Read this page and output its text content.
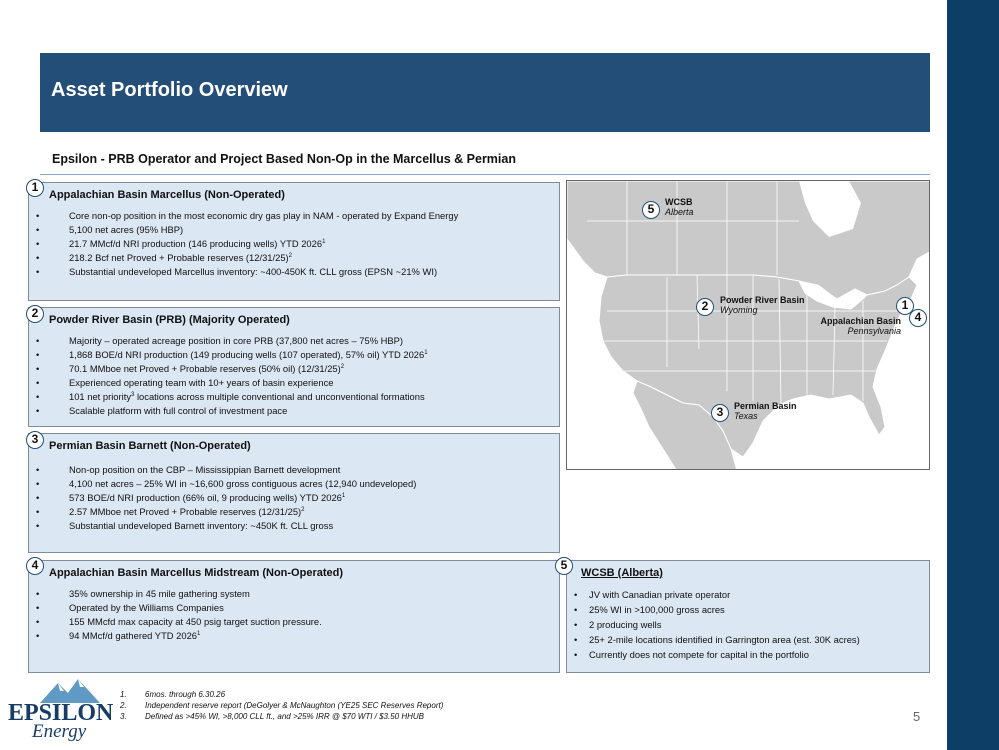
Asset Portfolio Overview
Epsilon - PRB Operator and Project Based Non-Op in the Marcellus & Permian
Appalachian Basin Marcellus (Non-Operated)
•	Core non-op position in the most economic dry gas play in NAM - operated by Expand Energy
•	5,100 net acres (95% HBP)
•	21.7 MMcf/d NRI production (146 producing wells) YTD 2026$^1$
•	218.2 Bcf net Proved + Probable reserves $(12/31/25)^2$
•	Substantial undeveloped Marcellus inventory: ~400-450K ft. CLL gross (EPSN ~21% WI)
1
Powder River Basin (PRB) (Majority Operated)
•	Majority – operated acreage position in core PRB (37,800 net acres – 75% HBP)
•	1,868 BOE/d NRI production (149 producing wells (107 operated), 57% oil) YTD 2026$^1$
•	70.1 MMboe net Proved + Probable reserves (50% oil) $(12/31/25)^2$
•	Experienced operating team with 10+ years of basin experience
•	101 net priority$^3$ locations across multiple conventional and unconventional formations
•	Scalable platform with full control of investment pace
2
Permian Basin Barnett (Non-Operated)
•	Non-op position on the CBP – Mississippian Barnett development
•	4,100 net acres – 25% WI in ~16,600 gross contiguous acres (12,940 undeveloped)
•	573 BOE/d NRI production (66% oil, 9 producing wells) YTD 2026$^1$
•	2.57 MMboe net Proved + Probable reserves $(12/31/25)^2$
•	Substantial undeveloped Barnett inventory: ~450K ft. CLL gross
3
Appalachian Basin Marcellus Midstream (Non-Operated)
•	35% ownership in 45 mile gathering system
•	Operated by the Williams Companies
•	155 MMcfd max capacity at 450 psig target suction pressure.
•	94 MMcf/d gathered YTD 2026$^1$
4
WCSB (Alberta)
• JV with Canadian private operator
• 25% WI in >100,000 gross acres
• 2 producing wells
• 25+ 2-mile locations identified in Garrington area (est. 30K acres)
• Currently does not compete for capital in the portfolio
5
5	WCSB
Alberta
2	Powder River Basin
Wyoming	1
4
Appalachian Basin
Pennsylvania
3	Permian Basin
Texas
EPSILON
Energy
1. 6mos. through 6.30.26
2. Independent reserve report (DeGolyer & McNaughton (YE25 SEC Reserves Report)
3. Defined as >45% WI, >8,000 CLL ft., and >25% IRR @ $70 WTI / $3.50 HHUB	5
